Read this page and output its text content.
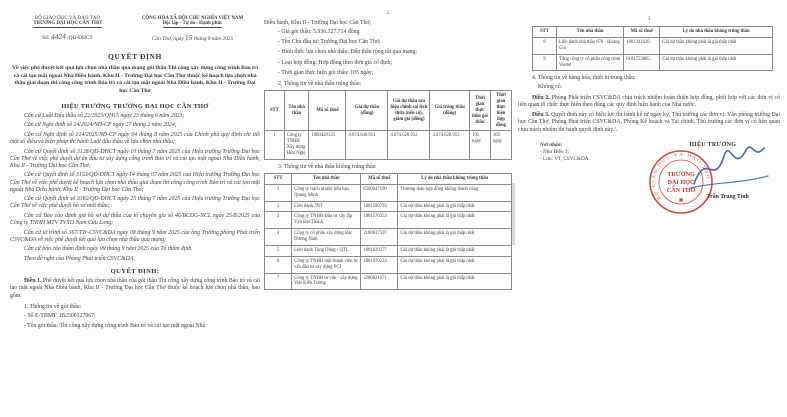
BỘ GIÁO DỤC VÀ ĐÀO TẠO
TRƯỜNG ĐẠI HỌC CẦN THƠ
Số: 4424 /QĐ-ĐHCT
CỘNG HÒA XÃ HỘI CHỦ NGHĨA VIỆT NAM
Độc lập - Tự do - Hạnh phúc
Cần Thơ, ngày 15 tháng 9 năm 2025
QUYẾT ĐỊNH
Về việc phê duyệt kết quả lựa chọn nhà thầu qua mạng gói thầu Thi công xây dựng công trình Bảo trì và cải tạo mặt ngoài Nhà Điều hành, Khu II - Trường Đại học Cần Thơ thuộc kế hoạch lựa chọn nhà thầu giai đoạn thi công công trình Bảo trì và cải tạo mặt ngoài Nhà Điều hành, Khu II - Trường Đại học Cần Thơ
HIỆU TRƯỞNG TRƯỜNG ĐẠI HỌC CẦN THƠ
Căn cứ Luật Đấu thầu số 22/2023/QH15 ngày 23 tháng 6 năm 2023;
Căn cứ Nghị định số 24/2024/NĐ-CP ngày 27 tháng 2 năm 2024;
Căn cứ Nghị định số 214/2025/NĐ-CP ngày 04 tháng 8 năm 2025 của Chính phủ quy định chi tiết một số điều và biện pháp thi hành Luật đấu thầu về lựa chọn nhà thầu;
Căn cứ Quyết định số 3128/QĐ-ĐHCT ngày 10 tháng 7 năm 2025 của Hiệu trưởng Trường Đại học Cần Thơ về việc phê duyệt dự án đầu tư xây dựng công trình Bảo trì và cải tạo mặt ngoài Nhà Điều hành, Khu II - Trường Đại học Cần Thơ;
Căn cứ Quyết định số 3153/QĐ-ĐHCT ngày 14 tháng 07 năm 2025 của Hiệu trưởng Trường Đại học Cần Thơ về việc phê duyệt kế hoạch lựa chọn nhà thầu giai đoạn thi công công trình Bảo trì và cải tạo mặt ngoài Nhà Điều hành, Khu II - Trường Đại học Cần Thơ;
Căn cứ Quyết định số 3382/QĐ-ĐHCT ngày 25 tháng 7 năm 2025 của Hiệu trưởng Trường Đại học Cần Thơ về việc phê duyệt hồ sơ mời thầu;
Căn cứ Báo cáo đánh giá hồ sơ dự thầu của tổ chuyên gia số 46/BCĐG-NCL ngày 25/8/2025 của Công ty TNHH MTV TVXD Nam Cửu Long;
Căn cứ tờ trình số 367/TTr-CSVC&DA ngày 08 tháng 9 năm 2025 của ông Trưởng phòng Phát triển CSVC&DA về việc phê duyệt kết quả lựa chọn nhà thầu qua mạng;
Căn cứ báo cáo thẩm định ngày 09 tháng 9 năm 2025 của Tổ thẩm định.
Theo đề nghị của Phòng Phát triển CSVC&DA.
QUYẾT ĐỊNH:
Điều 1. Phê duyệt kết quả lựa chọn nhà thầu của gói thầu Thi công xây dựng công trình Bảo trì và cải tạo mặt ngoài Nhà Điều hành, Khu II - Trường Đại học Cần Thơ thuộc kế hoạch lựa chọn nhà thầu, bao gồm:
1. Thông tin về gói thầu:
- Số E-TBMT: IB2500327067;
- Tên gói thầu: Thi công xây dựng công trình Bảo trì và cải tạo mặt ngoài Nhà
2
Điều hành, Khu II - Trường Đại học Cần Thơ;
- Giá gói thầu: 5.936.327.714 đồng
- Tên Chủ đầu tư: Trường Đại học Cần Thơ;
- Hình thức lựa chọn nhà thầu: Đấu thầu rộng rãi qua mạng;
- Loại hợp đồng: Hợp đồng theo đơn giá cố định;
- Thời gian thực hiện gói thầu: 105 ngày;
2. Thông tin về nhà thầu trúng thầu:
STT	Tên nhà thầu	Mã số thuế	Giá dự thầu (đồng)	Giá dự thầu sau hiệu chỉnh sai lệch thừa (nếu có), giảm giá (đồng)	Giá trúng thầu (đồng)	Thời gian thực hiện gói thầu	Thời gian thực hiện hợp đồng
1	Công ty TNHH Xây dựng Hữu Nghị	1800420125	4.674.640.914	4.674.628.953	4.674.628.953	105 ngày	105 ngày
3. Thông tin về nhà thầu không trúng thầu
STT	Tên nhà thầu	Mã số thuế	Lý do nhà thầu không trúng thầu
1	Công ty trách nhiệm hữu hạn Quang Minh	6300047190	Thương thảo hợp đồng không thành công
2	Liên danh 3NT	1801590793	Giá dự thầu không phải là giá thấp nhất
3	Công ty TNHH Đầu tư xây lắp Vạn Đạt Thành	1801576353	Giá dự thầu không phải là giá thấp nhất
4	Công ty cổ phần xây dựng Bắc Dương Nam	2100637597	Giá dự thầu không phải là giá thấp nhất
5	Liên danh Tùng Dũng - QTL	1801629377	Giá dự thầu không phải là giá thấp nhất
6	Công ty TNHH một thành viên tư vấn đầu tư xây dựng PCI	1801070233	Giá dự thầu không phải là giá thấp nhất
7	Công ty TNHH tư vấn - xây dựng Việt Kiến Tường	2200621671	Giá dự thầu không phải là giá thấp nhất
3
STT	Tên nhà thầu	Mã số thuế	Lý do nhà thầu không trúng thầu
8	Liên danh nhà thầu 678 - Hoàng Gia	1801341620	Giá dự thầu không phải là giá thấp nhất
9	Tổng công ty cổ phần công trình Viettel	0104753865	Giá dự thầu không phải là giá thấp nhất
4. Thông tin về hàng hóa, thiết bị trúng thầu:
Không có.
Điều 2. Phòng Phát triển CSVC&DA chịu trách nhiệm hoàn thiện hợp đồng, phối hợp với các đơn vị có liên quan tổ chức thực hiện theo đúng các quy định hiện hành của Nhà nước.
Điều 3. Quyết định này có hiệu lực thi hành kể từ ngày ký, Thủ trưởng các đơn vị: Văn phòng trường Đại học Cần Thơ, Phòng Phát triển CSVC&DA, Phòng Kế hoạch và Tài chính, Thủ trưởng các đơn vị có liên quan chịu trách nhiệm thi hành quyết định này./.
Nơi nhận:
- Như Điều 3;
- Lưu: VT, CSVC&DA.
HIỆU TRƯỞNG
BỘ GIÁO DỤC VÀ ĐÀO TẠO
TRƯỜNG
ĐẠI HỌC
CẦN THƠ
✱
Trần Trung Tính
